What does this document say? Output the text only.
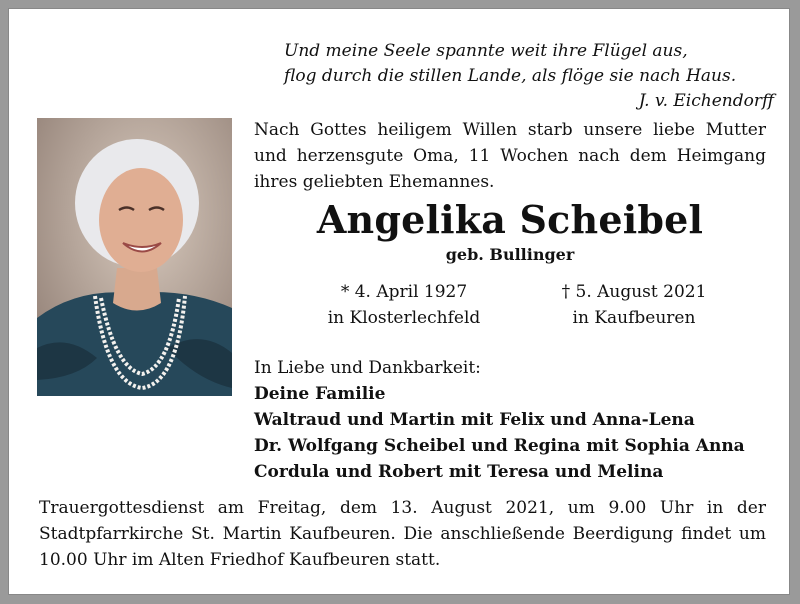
Und meine Seele spannte weit ihre Flügel aus,
flog durch die stillen Lande, als flöge sie nach Haus.
J. v. Eichendorff
Nach Gottes heiligem Willen starb unsere liebe Mutter und herzensgute Oma, 11 Wochen nach dem Heimgang ihres geliebten Ehemannes.
Angelika Scheibel
geb. Bullinger
* 4. April 1927
in Klosterlechfeld
† 5. August 2021
in Kaufbeuren
In Liebe und Dankbarkeit:
Deine Familie
Waltraud und Martin mit Felix und Anna-Lena
Dr. Wolfgang Scheibel und Regina mit Sophia Anna
Cordula und Robert mit Teresa und Melina
Trauergottesdienst am Freitag, dem 13. August 2021, um 9.00 Uhr in der Stadtpfarrkirche St. Martin Kaufbeuren. Die anschließende Beerdigung findet um 10.00 Uhr im Alten Friedhof Kaufbeuren statt.
